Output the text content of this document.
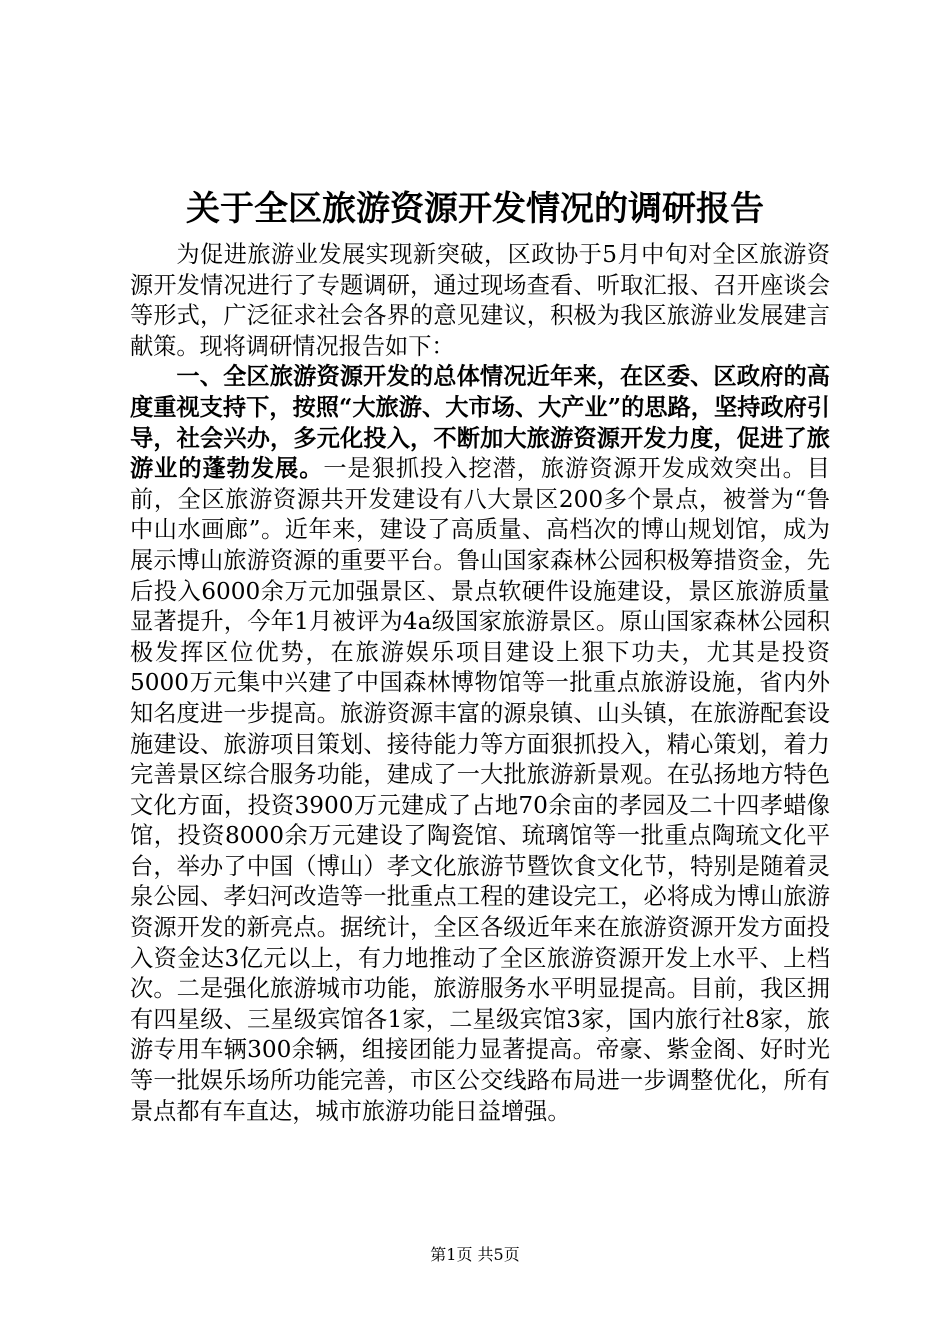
关于全区旅游资源开发情况的调研报告

为促进旅游业发展实现新突破，区政协于5月中旬对全区旅游资源开发情况进行了专题调研，通过现场查看、听取汇报、召开座谈会等形式，广泛征求社会各界的意见建议，积极为我区旅游业发展建言献策。现将调研情况报告如下：

一、全区旅游资源开发的总体情况近年来，在区委、区政府的高度重视支持下，按照“大旅游、大市场、大产业”的思路，坚持政府引导，社会兴办，多元化投入，不断加大旅游资源开发力度，促进了旅游业的蓬勃发展。一是狠抓投入挖潜，旅游资源开发成效突出。目前，全区旅游资源共开发建设有八大景区200多个景点，被誉为“鲁中山水画廊”。近年来，建设了高质量、高档次的博山规划馆，成为展示博山旅游资源的重要平台。鲁山国家森林公园积极筹措资金，先后投入6000余万元加强景区、景点软硬件设施建设，景区旅游质量显著提升，今年1月被评为4a级国家旅游景区。原山国家森林公园积极发挥区位优势，在旅游娱乐项目建设上狠下功夫，尤其是投资5000万元集中兴建了中国森林博物馆等一批重点旅游设施，省内外知名度进一步提高。旅游资源丰富的源泉镇、山头镇，在旅游配套设施建设、旅游项目策划、接待能力等方面狠抓投入，精心策划，着力完善景区综合服务功能，建成了一大批旅游新景观。在弘扬地方特色文化方面，投资3900万元建成了占地70余亩的孝园及二十四孝蜡像馆，投资8000余万元建设了陶瓷馆、琉璃馆等一批重点陶琉文化平台，举办了中国（博山）孝文化旅游节暨饮食文化节，特别是随着灵泉公园、孝妇河改造等一批重点工程的建设完工，必将成为博山旅游资源开发的新亮点。据统计，全区各级近年来在旅游资源开发方面投入资金达3亿元以上，有力地推动了全区旅游资源开发上水平、上档次。二是强化旅游城市功能，旅游服务水平明显提高。目前，我区拥有四星级、三星级宾馆各1家，二星级宾馆3家，国内旅行社8家，旅游专用车辆300余辆，组接团能力显著提高。帝豪、紫金阁、好时光等一批娱乐场所功能完善，市区公交线路布局进一步调整优化，所有景点都有车直达，城市旅游功能日益增强。

第1页 共5页
